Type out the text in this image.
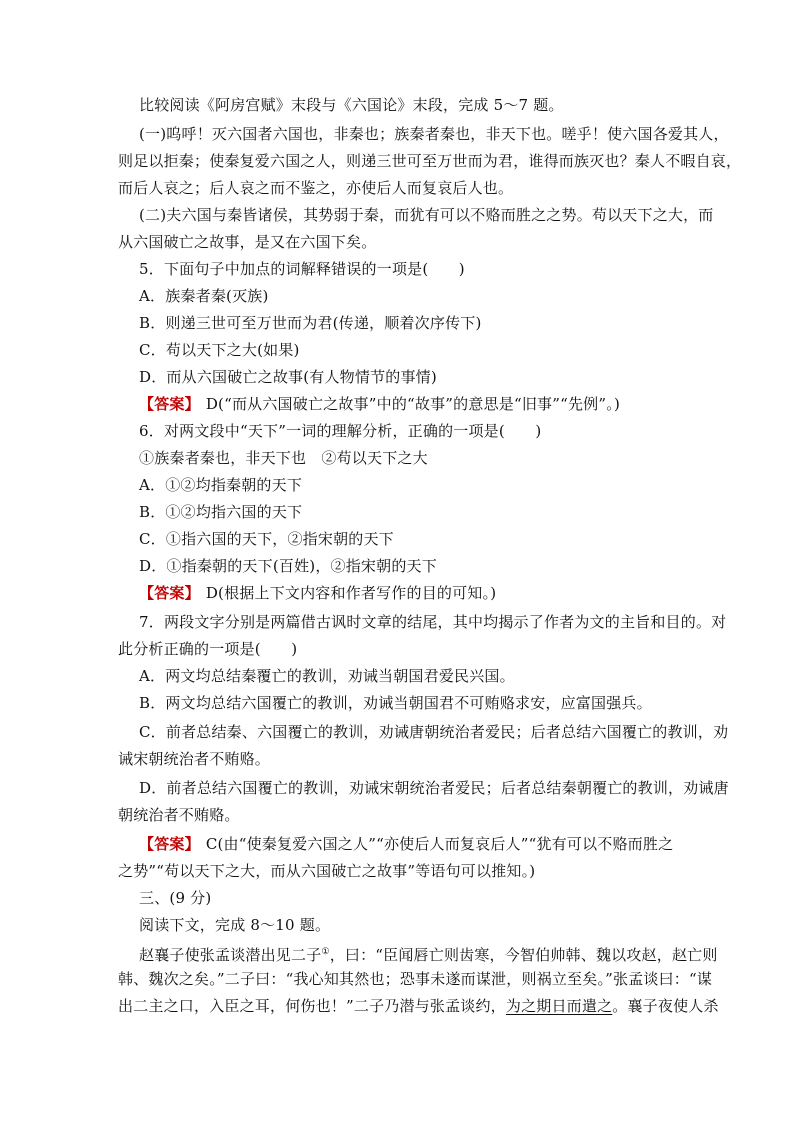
比较阅读《阿房宫赋》末段与《六国论》末段，完成 5～7 题。
(一)呜呼！灭六国者六国也，非秦也；族秦者秦也，非天下也。嗟乎！使六国各爱其人，
则足以拒秦；使秦复爱六国之人，则递三世可至万世而为君，谁得而族灭也？秦人不暇自哀，
而后人哀之；后人哀之而不鉴之，亦使后人而复哀后人也。
(二)夫六国与秦皆诸侯，其势弱于秦，而犹有可以不赂而胜之之势。苟以天下之大，而
从六国破亡之故事，是又在六国下矣。
5．下面句子中加点的词解释错误的一项是(　　)
A．族秦者秦(灭族)
B．则递三世可至万世而为君(传递，顺着次序传下)
C．苟以天下之大(如果)
D．而从六国破亡之故事(有人物情节的事情)
【答案】 D(“而从六国破亡之故事”中的“故事”的意思是“旧事”“先例”。)
6．对两文段中“天下”一词的理解分析，正确的一项是(　　)
①族秦者秦也，非天下也　②苟以天下之大
A．①②均指秦朝的天下
B．①②均指六国的天下
C．①指六国的天下，②指宋朝的天下
D．①指秦朝的天下(百姓)，②指宋朝的天下
【答案】 D(根据上下文内容和作者写作的目的可知。)
7．两段文字分别是两篇借古讽时文章的结尾，其中均揭示了作者为文的主旨和目的。对
此分析正确的一项是(　　)
A．两文均总结秦覆亡的教训，劝诫当朝国君爱民兴国。
B．两文均总结六国覆亡的教训，劝诫当朝国君不可贿赂求安，应富国强兵。
C．前者总结秦、六国覆亡的教训，劝诫唐朝统治者爱民；后者总结六国覆亡的教训，劝
诫宋朝统治者不贿赂。
D．前者总结六国覆亡的教训，劝诫宋朝统治者爱民；后者总结秦朝覆亡的教训，劝诫唐
朝统治者不贿赂。
【答案】 C(由“使秦复爱六国之人”“亦使后人而复哀后人”“犹有可以不赂而胜之
之势”“苟以天下之大，而从六国破亡之故事”等语句可以推知。)
三、(9 分)
阅读下文，完成 8～10 题。
赵襄子使张孟谈潜出见二子①，曰：“臣闻唇亡则齿寒，今智伯帅韩、魏以攻赵，赵亡则
韩、魏次之矣。”二子曰：“我心知其然也；恐事未遂而谋泄，则祸立至矣。”张孟谈曰：“谋
出二主之口，入臣之耳，何伤也！”二子乃潜与张孟谈约，为之期日而遣之。襄子夜使人杀
